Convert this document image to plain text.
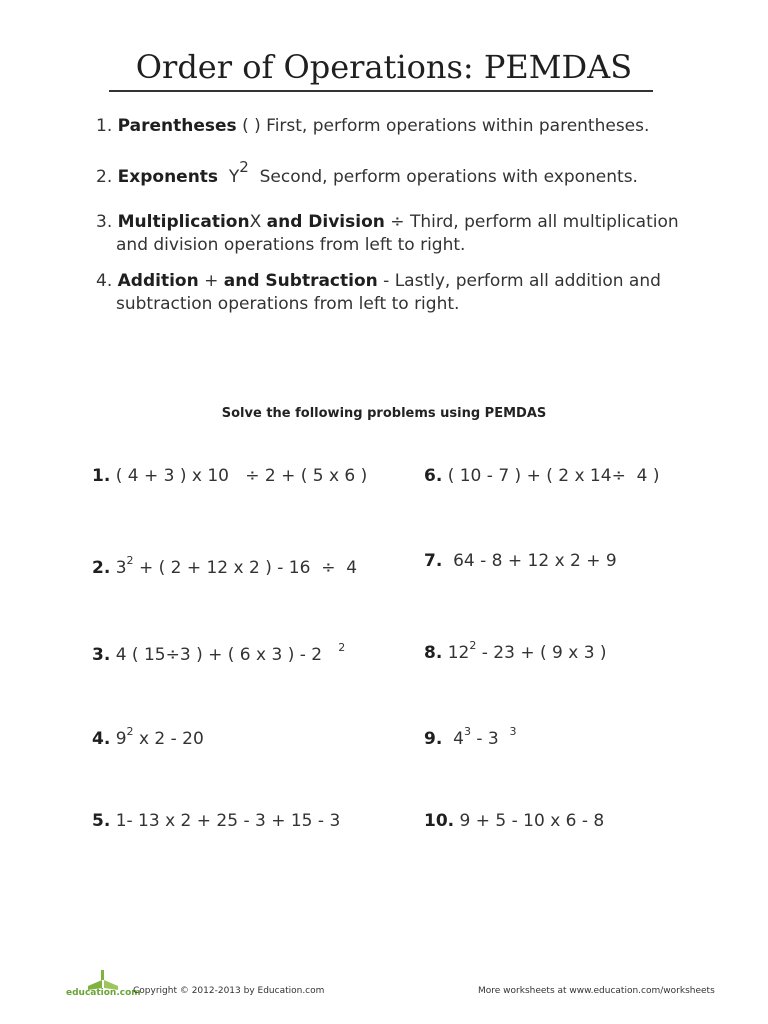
Order of Operations: PEMDAS
1. Parentheses ( ) First, perform operations within parentheses.
2. Exponents Y2 Second, perform operations with exponents.
3. MultiplicationX and Division ÷ Third, perform all multiplication
and division operations from left to right.
4. Addition + and Subtraction - Lastly, perform all addition and
subtraction operations from left to right.
Solve the following problems using PEMDAS
1. ( 4 + 3 ) x 10 ÷ 2 + ( 5 x 6 )
2. $3^2$ + ( 2 + 12 x 2 ) - 16 ÷ 4
3. 4 ( 15÷3 ) + ( 6 x 3 ) - 2 $^2$
4. $9^2$ x 2 - 20
5. 1- 13 x 2 + 25 - 3 + 15 - 3
6. ( 10 - 7 ) + ( 2 x 14÷ 4 )
7. 64 - 8 + 12 x 2 + 9
8. $12^2 - 23$ + ( 9 x 3 )
9. $4^3 - 3$ $^3$
10. 9 + 5 - 10 x 6 - 8
education.com
Copyright © 2012-2013 by Education.com	More worksheets at www.education.com/worksheets
